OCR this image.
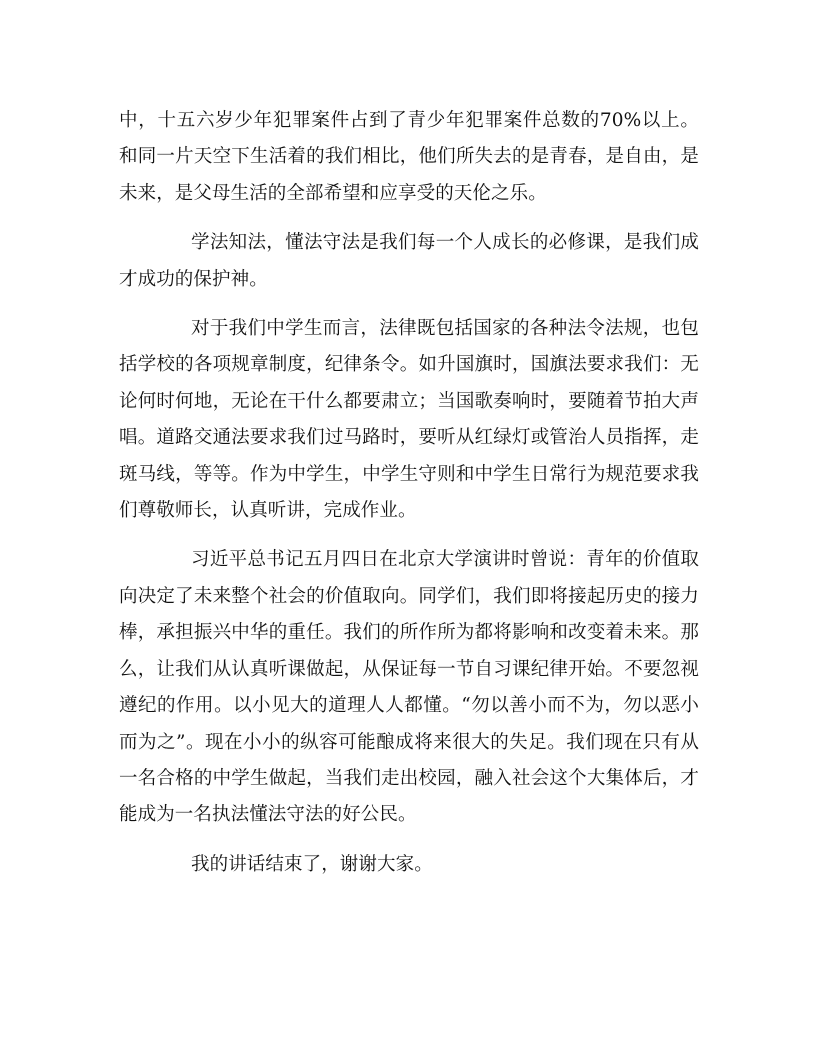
中，十五六岁少年犯罪案件占到了青少年犯罪案件总数的70%以上。和同一片天空下生活着的我们相比，他们所失去的是青春，是自由，是未来，是父母生活的全部希望和应享受的天伦之乐。

学法知法，懂法守法是我们每一个人成长的必修课，是我们成才成功的保护神。

对于我们中学生而言，法律既包括国家的各种法令法规，也包括学校的各项规章制度，纪律条令。如升国旗时，国旗法要求我们：无论何时何地，无论在干什么都要肃立；当国歌奏响时，要随着节拍大声唱。道路交通法要求我们过马路时，要听从红绿灯或管治人员指挥，走斑马线，等等。作为中学生，中学生守则和中学生日常行为规范要求我们尊敬师长，认真听讲，完成作业。

习近平总书记五月四日在北京大学演讲时曾说：青年的价值取向决定了未来整个社会的价值取向。同学们，我们即将接起历史的接力棒，承担振兴中华的重任。我们的所作所为都将影响和改变着未来。那么，让我们从认真听课做起，从保证每一节自习课纪律开始。不要忽视遵纪的作用。以小见大的道理人人都懂。“勿以善小而不为，勿以恶小而为之”。现在小小的纵容可能酿成将来很大的失足。我们现在只有从一名合格的中学生做起，当我们走出校园，融入社会这个大集体后，才能成为一名执法懂法守法的好公民。

我的讲话结束了，谢谢大家。
